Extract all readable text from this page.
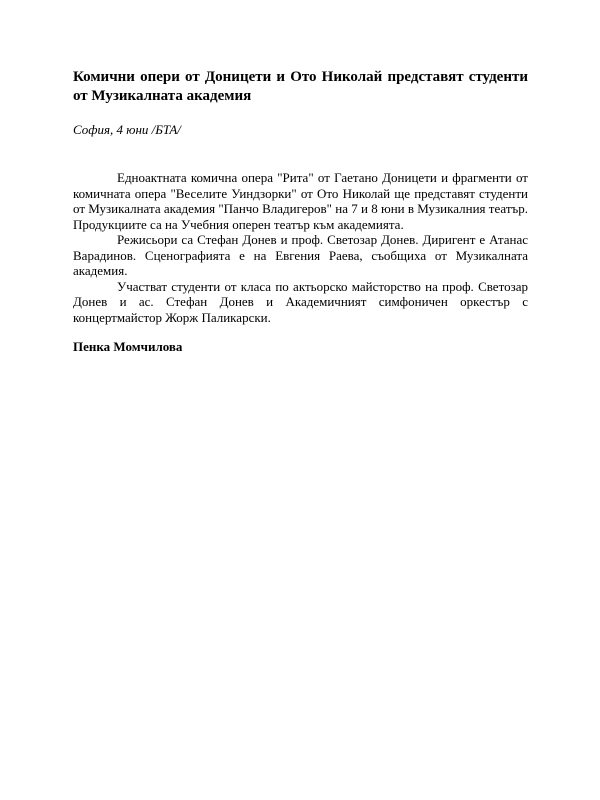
Комични опери от Доницети и Ото Николай представят студенти от Музикалната академия

София, 4 юни /БТА/

Едноактната комична опера "Рита" от Гаетано Доницети и фрагменти от комичната опера "Веселите Уиндзорки" от Ото Николай ще представят студенти от Музикалната академия "Панчо Владигеров" на 7 и 8 юни в Музикалния театър. Продукциите са на Учебния оперен театър към академията.

Режисьори са Стефан Донев и проф. Светозар Донев. Диригент е Атанас Варадинов. Сценографията е на Евгения Раева, съобщиха от Музикалната академия.

Участват студенти от класа по актьорско майсторство на проф. Светозар Донев и ас. Стефан Донев и Академичният симфоничен оркестър с концертмайстор Жорж Паликарски.

Пенка Момчилова
